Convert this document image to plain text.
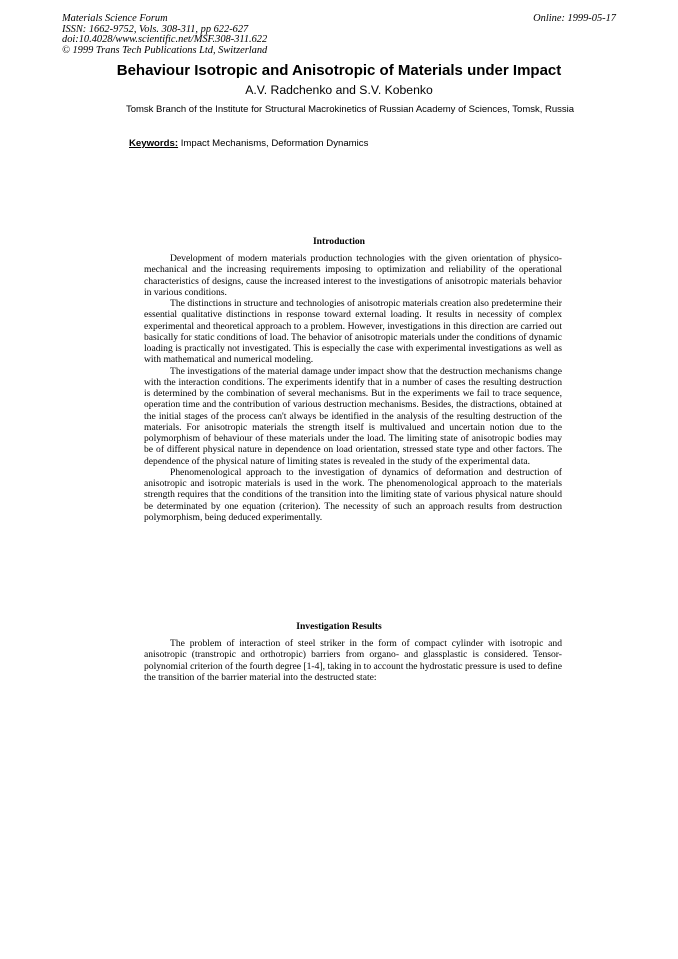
Materials Science Forum
ISSN: 1662-9752, Vols. 308-311, pp 622-627
doi:10.4028/www.scientific.net/MSF.308-311.622
© 1999 Trans Tech Publications Ltd, Switzerland
Online: 1999-05-17
Behaviour Isotropic and Anisotropic of Materials under Impact
A.V. Radchenko and S.V. Kobenko
Tomsk Branch of the Institute for Structural Macrokinetics of Russian Academy of Sciences, Tomsk, Russia
Keywords: Impact Mechanisms, Deformation Dynamics
Introduction

Development of modern materials production technologies with the given orientation of physico-mechanical and the increasing requirements imposing to optimization and reliability of the operational characteristics of designs, cause the increased interest to the investigations of anisotropic materials behavior in various conditions.

The distinctions in structure and technologies of anisotropic materials creation also predetermine their essential qualitative distinctions in response toward external loading. It results in necessity of complex experimental and theoretical approach to a problem. However, investigations in this direction are carried out basically for static conditions of load. The behavior of anisotropic materials under the conditions of dynamic loading is practically not investigated. This is especially the case with experimental investigations as well as with mathematical and numerical modeling.

The investigations of the material damage under impact show that the destruction mechanisms change with the interaction conditions. The experiments identify that in a number of cases the resulting destruction is determined by the combination of several mechanisms. But in the experiments we fail to trace sequence, operation time and the contribution of various destruction mechanisms. Besides, the distractions, obtained at the initial stages of the process can't always be identified in the analysis of the resulting destruction of the materials. For anisotropic materials the strength itself is multivalued and uncertain notion due to the polymorphism of behaviour of these materials under the load. The limiting state of anisotropic bodies may be of different physical nature in dependence on load orientation, stressed state type and other factors. The dependence of the physical nature of limiting states is revealed in the study of the experimental data.

Phenomenological approach to the investigation of dynamics of deformation and destruction of anisotropic and isotropic materials is used in the work. The phenomenological approach to the materials strength requires that the conditions of the transition into the limiting state of various physical nature should be determinated by one equation (criterion). The necessity of such an approach results from destruction polymorphism, being deduced experimentally.

Investigation Results

The problem of interaction of steel striker in the form of compact cylinder with isotropic and anisotropic (transtropic and orthotropic) barriers from organo- and glassplastic is considered. Tensor-polynomial criterion of the fourth degree [1-4], taking in to account the hydrostatic pressure is used to define the transition of the barrier material into the destructed state:
